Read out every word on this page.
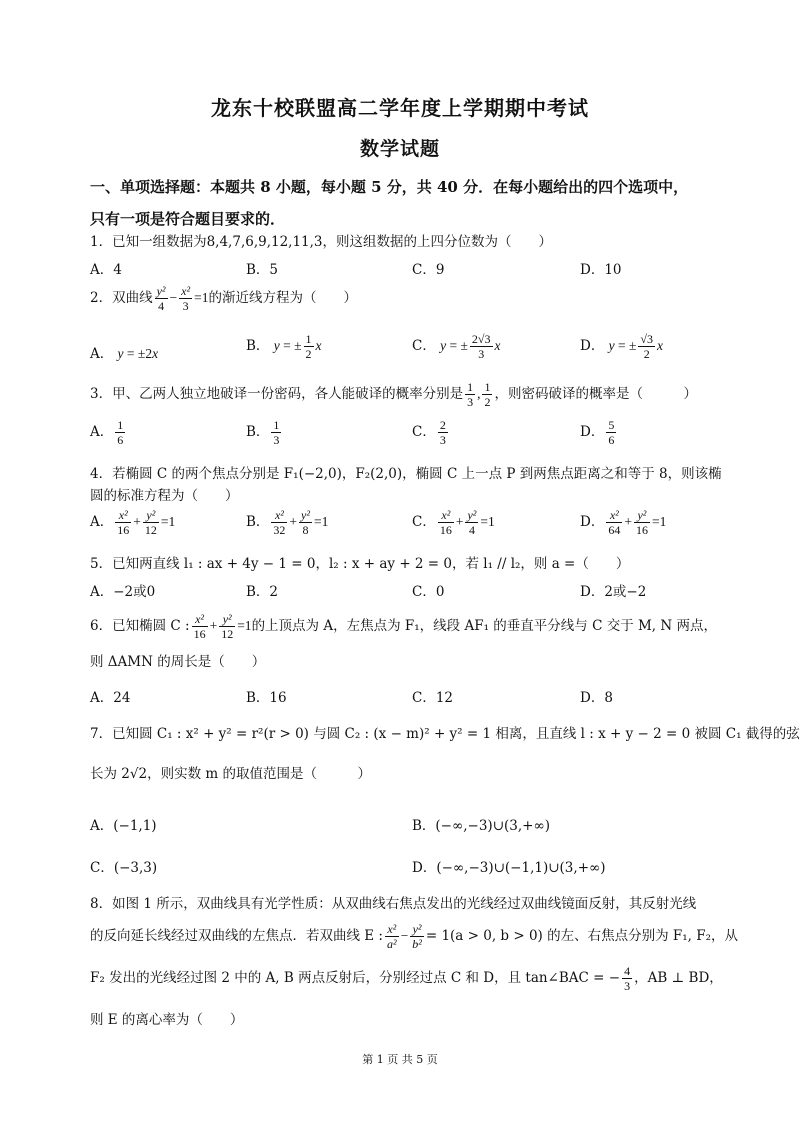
龙东十校联盟高二学年度上学期期中考试
数学试题
一、单项选择题：本题共 8 小题，每小题 5 分，共 40 分．在每小题给出的四个选项中，
只有一项是符合题目要求的．
1．已知一组数据为8,4,7,6,9,12,11,3，则这组数据的上四分位数为（　　）
A．4	B．5	C．9	D．10
2．双曲线 $\frac{\text{y²}}{4} - \frac{\text{x²}}{3} =1$的渐近线方程为（　　）
A． y = ±2x	B． y = ± $\frac{1}{2}$ x	C． y = ± $\frac{2√3}{3}$ x	D． y = ± $\frac{√3}{2}$ x
3．甲、乙两人独立地破译一份密码，各人能破译的概率分别是 $\frac{1}{3}$ , $\frac{1}{2}$ ，则密码破译的概率是（　　　）
A． $\frac{1}{6}$	B． $\frac{1}{3}$	C． $\frac{2}{3}$	D． $\frac{5}{6}$
4．若椭圆 C 的两个焦点分别是 F₁(−2,0)，F₂(2,0)，椭圆 C 上一点 P 到两焦点距离之和等于 8，则该椭
圆的标准方程为（　　）
A． $\frac{\text{x²}}{16} + \frac{\text{y²}}{12} =1$	B． $\frac{\text{x²}}{32} + \frac{\text{y²}}{8} =1$	C． $\frac{\text{x²}}{16} + \frac{\text{y²}}{4} =1$	D． $\frac{\text{x²}}{64} + \frac{\text{y²}}{16} =1$
5．已知两直线 l₁ : ax + 4y − 1 = 0，l₂ : x + ay + 2 = 0，若 l₁ // l₂，则 a =（　　）
A．−2或0	B．2	C．0	D．2或−2
6．已知椭圆 C : $\frac{\text{x²}}{16} + \frac{\text{y²}}{12} =1$的上顶点为 A，左焦点为 F₁，线段 AF₁ 的垂直平分线与 C 交于 M, N 两点，
则 ΔAMN 的周长是（　　）
A．24	B．16	C．12	D．8
7．已知圆 C₁ : x² + y² = r²(r > 0) 与圆 C₂ : (x − m)² + y² = 1 相离，且直线 l : x + y − 2 = 0 被圆 C₁ 截得的弦
长为 2√2，则实数 m 的取值范围是（　　　）
A．(−1,1)	B．(−∞,−3)∪(3,+∞)
C．(−3,3)	D．(−∞,−3)∪(−1,1)∪(3,+∞)
8．如图 1 所示，双曲线具有光学性质：从双曲线右焦点发出的光线经过双曲线镜面反射，其反射光线
的反向延长线经过双曲线的左焦点．若双曲线 E : $\frac{\text{x²}}{\text{a²}} - \frac{\text{y²}}{\text{b²}} = 1(a > 0$, b > 0) 的左、右焦点分别为 F₁, F₂，从
F₂ 发出的光线经过图 2 中的 A, B 两点反射后，分别经过点 C 和 D，且 tan∠BAC = − $\frac{4}{3}$ ，AB ⊥ BD，
则 E 的离心率为（　　）
第 1 页 共 5 页
